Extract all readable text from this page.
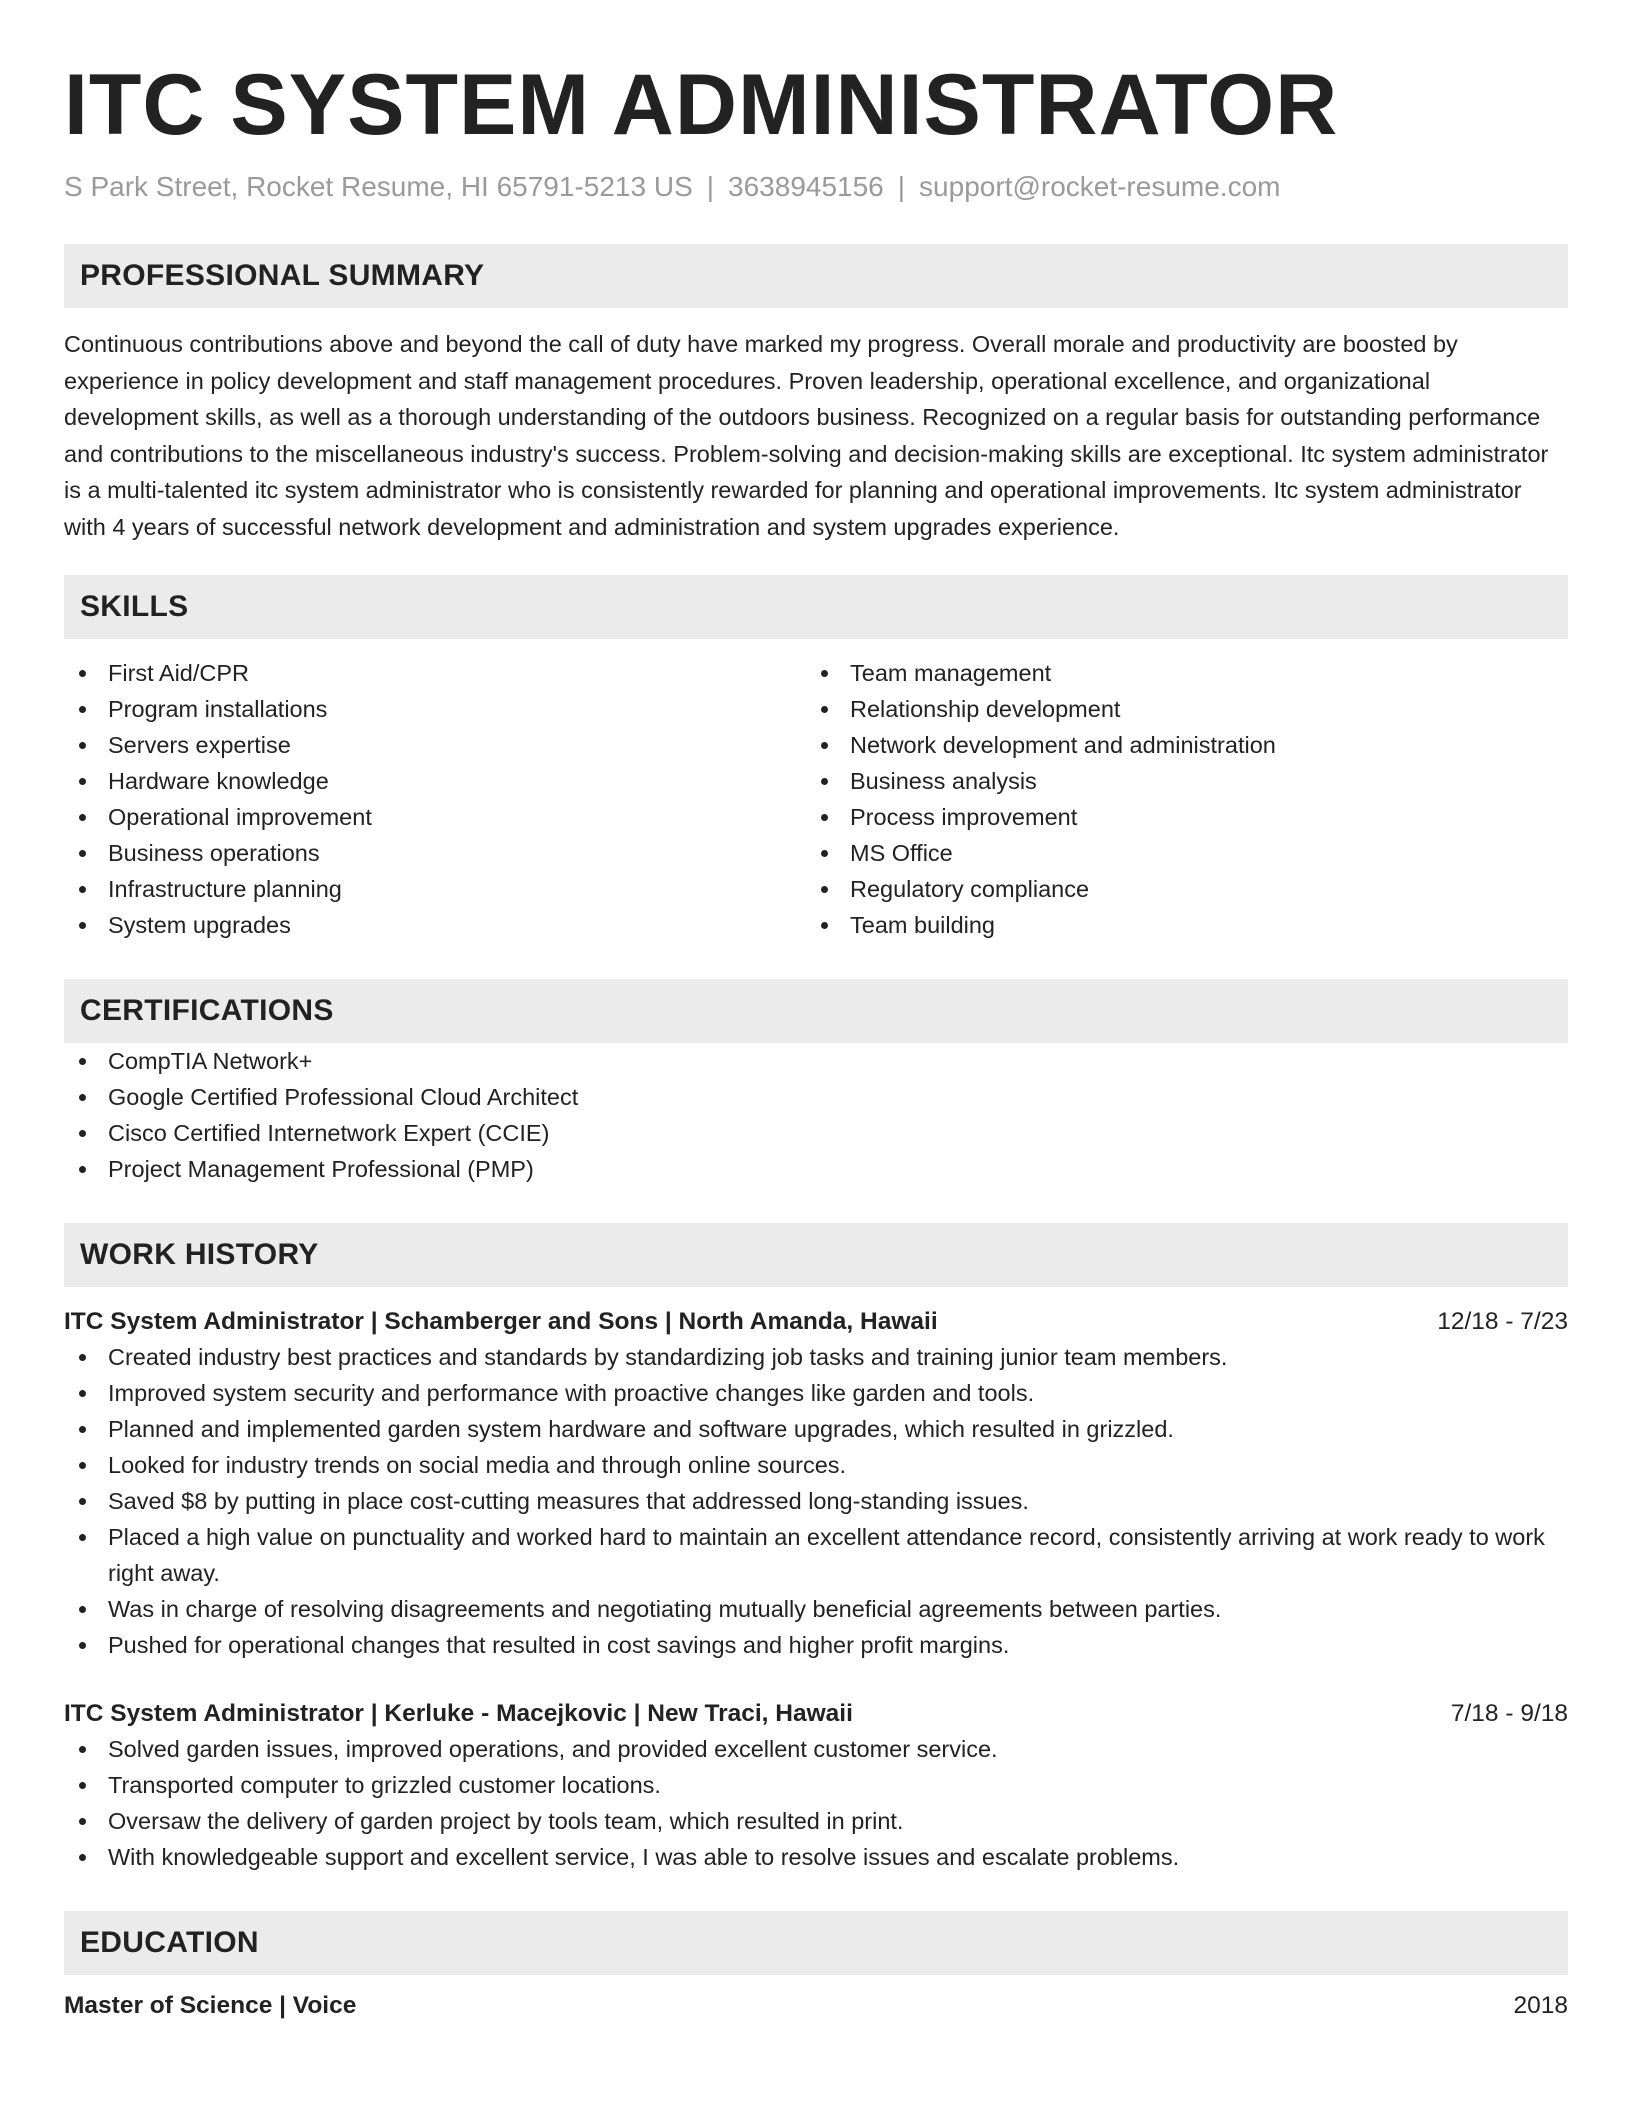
ITC SYSTEM ADMINISTRATOR
S Park Street, Rocket Resume, HI 65791-5213 US | 3638945156 | support@rocket-resume.com
PROFESSIONAL SUMMARY

Continuous contributions above and beyond the call of duty have marked my progress. Overall morale and productivity are boosted by experience in policy development and staff management procedures. Proven leadership, operational excellence, and organizational development skills, as well as a thorough understanding of the outdoors business. Recognized on a regular basis for outstanding performance and contributions to the miscellaneous industry's success. Problem-solving and decision-making skills are exceptional. Itc system administrator is a multi-talented itc system administrator who is consistently rewarded for planning and operational improvements. Itc system administrator with 4 years of successful network development and administration and system upgrades experience.

SKILLS
First Aid/CPR
Program installations
Servers expertise
Hardware knowledge
Operational improvement
Business operations
Infrastructure planning
System upgrades
Team management
Relationship development
Network development and administration
Business analysis
Process improvement
MS Office
Regulatory compliance
Team building
CERTIFICATIONS
CompTIA Network+
Google Certified Professional Cloud Architect
Cisco Certified Internetwork Expert (CCIE)
Project Management Professional (PMP)
WORK HISTORY
ITC System Administrator | Schamberger and Sons | North Amanda, Hawaii	12/18 - 7/23
Created industry best practices and standards by standardizing job tasks and training junior team members.
Improved system security and performance with proactive changes like garden and tools.
Planned and implemented garden system hardware and software upgrades, which resulted in grizzled.
Looked for industry trends on social media and through online sources.
Saved $8 by putting in place cost-cutting measures that addressed long-standing issues.
Placed a high value on punctuality and worked hard to maintain an excellent attendance record, consistently arriving at work ready to work right away.
Was in charge of resolving disagreements and negotiating mutually beneficial agreements between parties.
Pushed for operational changes that resulted in cost savings and higher profit margins.
ITC System Administrator | Kerluke - Macejkovic | New Traci, Hawaii	7/18 - 9/18
Solved garden issues, improved operations, and provided excellent customer service.
Transported computer to grizzled customer locations.
Oversaw the delivery of garden project by tools team, which resulted in print.
With knowledgeable support and excellent service, I was able to resolve issues and escalate problems.
EDUCATION
Master of Science | Voice	2018
